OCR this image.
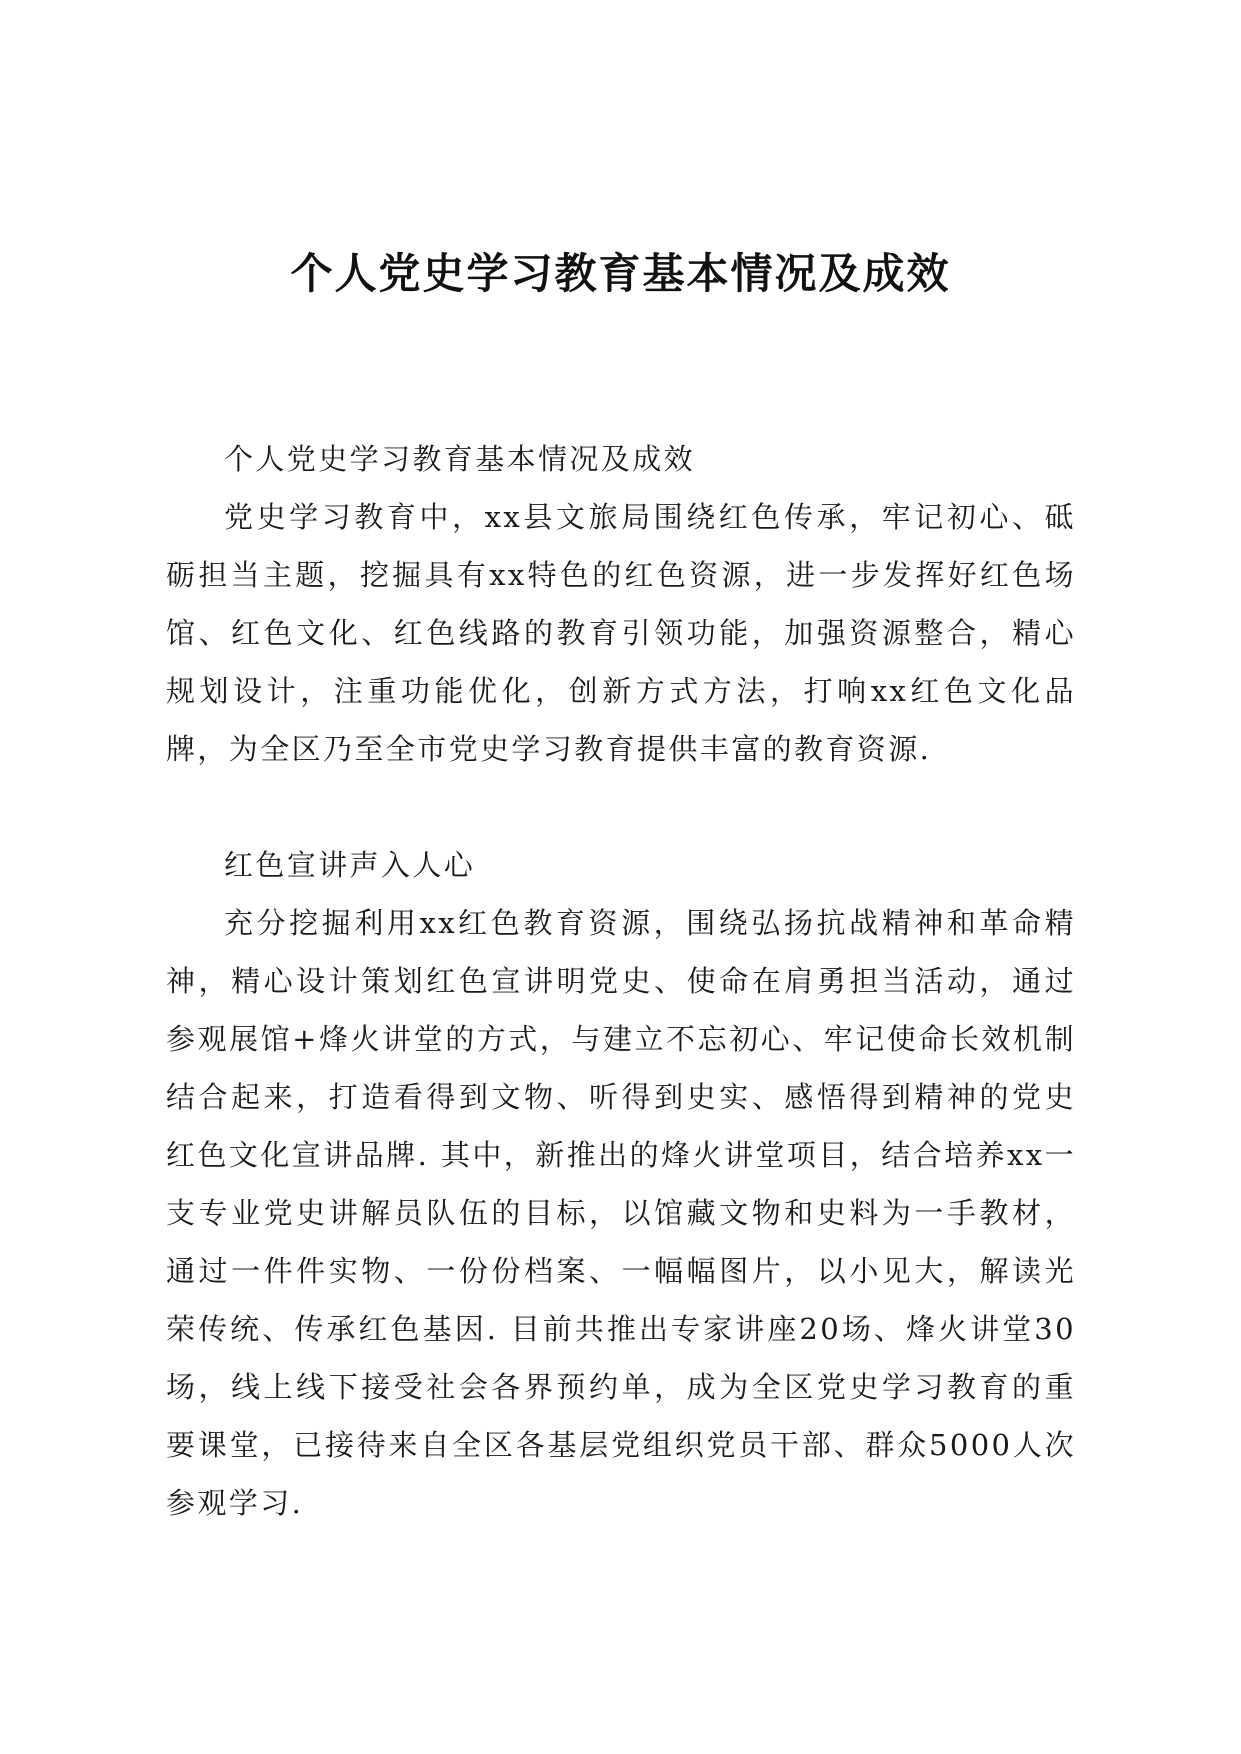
个人党史学习教育基本情况及成效

个人党史学习教育基本情况及成效

党史学习教育中，xx县文旅局围绕红色传承，牢记初心、砥砺担当主题，挖掘具有xx特色的红色资源，进一步发挥好红色场馆、红色文化、红色线路的教育引领功能，加强资源整合，精心规划设计，注重功能优化，创新方式方法，打响xx红色文化品牌，为全区乃至全市党史学习教育提供丰富的教育资源.

红色宣讲声入人心

充分挖掘利用xx红色教育资源，围绕弘扬抗战精神和革命精神，精心设计策划红色宣讲明党史、使命在肩勇担当活动，通过参观展馆+烽火讲堂的方式，与建立不忘初心、牢记使命长效机制结合起来，打造看得到文物、听得到史实、感悟得到精神的党史红色文化宣讲品牌. 其中，新推出的烽火讲堂项目，结合培养xx一支专业党史讲解员队伍的目标，以馆藏文物和史料为一手教材，通过一件件实物、一份份档案、一幅幅图片，以小见大，解读光荣传统、传承红色基因. 目前共推出专家讲座20场、烽火讲堂30场，线上线下接受社会各界预约单，成为全区党史学习教育的重要课堂，已接待来自全区各基层党组织党员干部、群众5000人次参观学习.
